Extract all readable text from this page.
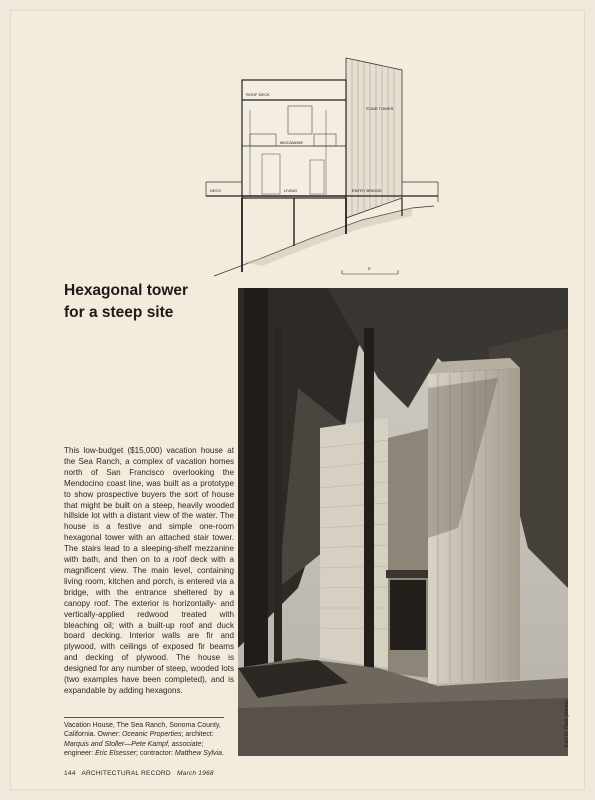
ROOF DECK
STAIR TOWER
MEZZANINE
DECK	LIVING	ENTRY BRIDGE
5'
Hexagonal tower
for a steep site
Karl H. Riek photos
This low-budget ($15,000) vacation house at the Sea Ranch, a complex of vacation homes north of San Francisco overlooking the Mendocino coast line, was built as a prototype to show prospective buyers the sort of house that might be built on a steep, heavily wooded hillside lot with a distant view of the water. The house is a festive and simple one-room hexagonal tower with an attached stair tower. The stairs lead to a sleeping-shelf mezzanine with bath, and then on to a roof deck with a magnificent view. The main level, containing living room, kitchen and porch, is entered via a bridge, with the entrance sheltered by a canopy roof. The exterior is horizontally- and vertically-applied redwood treated with bleaching oil; with a built-up roof and duck board decking. Interior walls are fir and plywood, with ceilings of exposed fir beams and decking of plywood. The house is designed for any number of steep, wooded lots (two examples have been completed), and is expandable by adding hexagons.
Vacation House, The Sea Ranch, Sonoma County, California. Owner: Oceanic Properties; architect: Marquis and Stoller—Pete Kampf, associate; engineer: Eric Elsesser; contractor: Matthew Sylvia.
144 ARCHITECTURAL RECORD March 1968
